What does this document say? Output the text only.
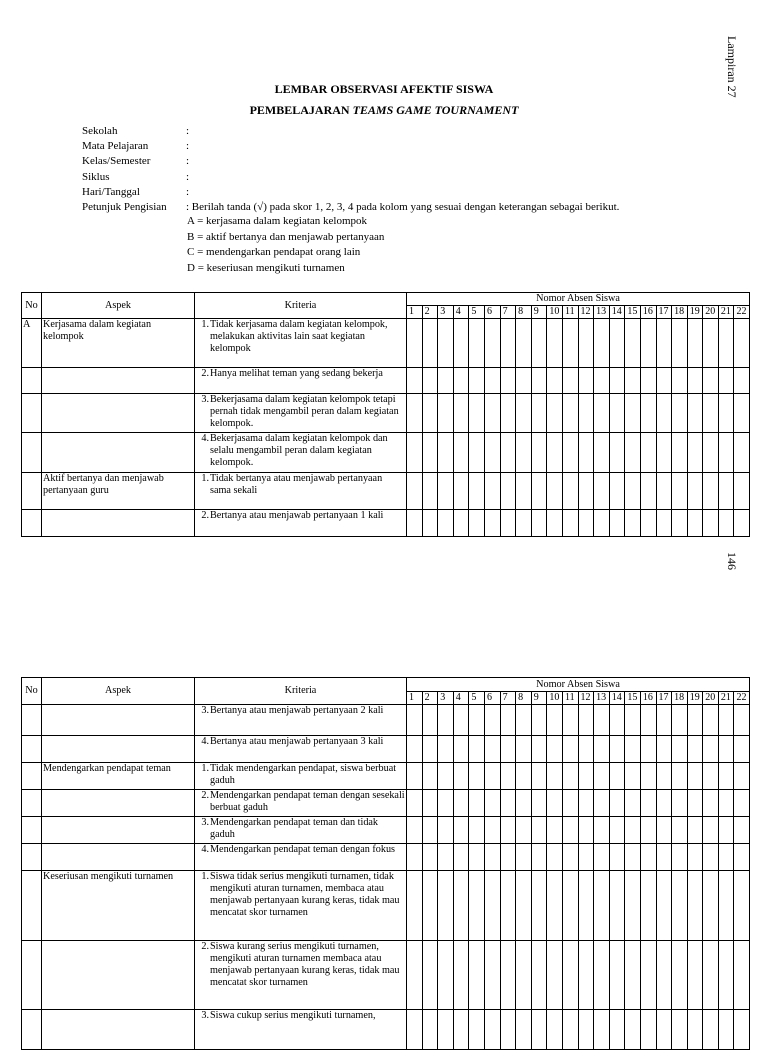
Lampiran 27
146
LEMBAR OBSERVASI AFEKTIF SISWA
PEMBELAJARAN TEAMS GAME TOURNAMENT
Sekolah	:
Mata Pelajaran	:
Kelas/Semester	:
Siklus	:
Hari/Tanggal	:
Petunjuk Pengisian	: Berilah tanda (√) pada skor 1, 2, 3, 4 pada kolom yang sesuai dengan keterangan sebagai berikut.
A = kerjasama dalam kegiatan kelompok
B = aktif bertanya dan menjawab pertanyaan
C = mendengarkan pendapat orang lain
D = keseriusan mengikuti turnamen
No	Aspek	Kriteria	Nomor Absen Siswa																					
			1	2	3	4	5	6	7	8	9	10	11	12	13	14	15	16	17	18	19	20	21	22
A	Kerjasama dalam kegiatan kelompok	1. Tidak kerjasama dalam kegiatan kelompok, melakukan aktivitas lain saat kegiatan kelompok																						

		2. Hanya melihat teman yang sedang bekerja																						

		3. Bekerjasama dalam kegiatan kelompok tetapi pernah tidak mengambil peran dalam kegiatan kelompok.																						

		4. Bekerjasama dalam kegiatan kelompok dan selalu mengambil peran dalam kegiatan kelompok.																						

	Aktif bertanya dan menjawab pertanyaan guru	1. Tidak bertanya atau menjawab pertanyaan sama sekali																						

		2. Bertanya atau menjawab pertanyaan 1 kali																						

No	Aspek	Kriteria	Nomor Absen Siswa																					
			1	2	3	4	5	6	7	8	9	10	11	12	13	14	15	16	17	18	19	20	21	22

		3. Bertanya atau menjawab pertanyaan 2 kali																						

		4. Bertanya atau menjawab pertanyaan 3 kali																						

	Mendengarkan pendapat teman	1. Tidak mendengarkan pendapat, siswa berbuat gaduh																						

		2. Mendengarkan pendapat teman dengan sesekali berbuat gaduh																						

		3. Mendengarkan pendapat teman dan tidak gaduh																						

		4. Mendengarkan pendapat teman dengan fokus																						

	Keseriusan mengikuti turnamen	1. Siswa tidak serius mengikuti turnamen, tidak mengikuti aturan turnamen, membaca atau menjawab pertanyaan kurang keras, tidak mau mencatat skor turnamen																						

		2. Siswa kurang serius mengikuti turnamen, mengikuti aturan turnamen membaca atau menjawab pertanyaan kurang keras, tidak mau mencatat skor turnamen																						

		3. Siswa cukup serius mengikuti turnamen,																						
